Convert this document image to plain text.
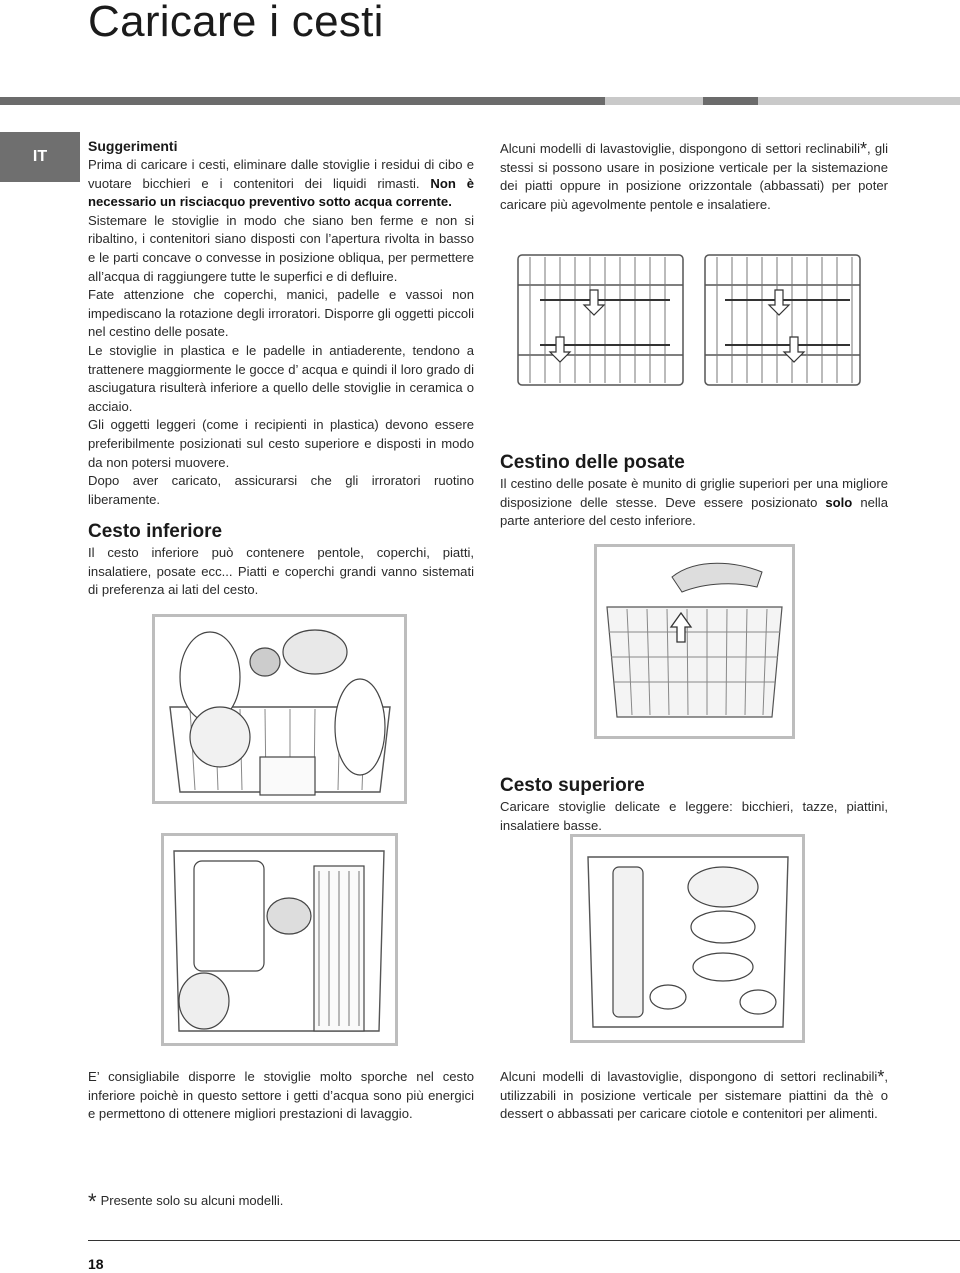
Caricare i cesti
IT
Suggerimenti

Prima di caricare i cesti, eliminare dalle stoviglie i residui di cibo e vuotare bicchieri e i contenitori dei liquidi rimasti. Non è necessario un risciacquo preventivo sotto acqua corrente.

Sistemare le stoviglie in modo che siano ben ferme e non si ribaltino, i contenitori siano disposti con l’apertura rivolta in basso e le parti concave o convesse in posizione obliqua, per permettere all’acqua di raggiungere tutte le superfici e di defluire.

Fate attenzione che coperchi, manici, padelle e vassoi non impediscano la rotazione degli irroratori. Disporre gli oggetti piccoli nel cestino delle posate.

Le stoviglie in plastica e le padelle in antiaderente, tendono a trattenere maggiormente le gocce d’ acqua e quindi il loro grado di asciugatura risulterà inferiore a quello delle stoviglie in ceramica o acciaio.

Gli oggetti leggeri (come i recipienti in plastica) devono essere preferibilmente posizionati sul cesto superiore e disposti in modo da non potersi muovere.

Dopo aver caricato, assicurarsi che gli irroratori ruotino liberamente.

Cesto inferiore
Il cesto inferiore può contenere pentole, coperchi, piatti, insalatiere, posate ecc... Piatti e coperchi grandi vanno sistemati di preferenza ai lati del cesto.
Alcuni modelli di lavastoviglie, dispongono di settori reclinabili*, gli stessi si possono usare in posizione verticale per la sistemazione dei piatti oppure in posizione orizzontale (abbassati) per poter caricare più agevolmente pentole e insalatiere.
Cestino delle posate
Il cestino delle posate è munito di griglie superiori per una migliore disposizione delle stesse. Deve essere posizionato solo nella parte anteriore del cesto inferiore.
Cesto superiore
Caricare stoviglie delicate e leggere: bicchieri, tazze, piattini, insalatiere basse.
E’ consigliabile disporre le stoviglie molto sporche nel cesto inferiore poichè in questo settore i getti d’acqua sono più energici e permettono di ottenere migliori prestazioni di lavaggio.
Alcuni modelli di lavastoviglie, dispongono di settori reclinabili*, utilizzabili in posizione verticale per sistemare piattini da thè o dessert o abbassati per caricare ciotole e contenitori per alimenti.
* Presente solo su alcuni modelli.
18
